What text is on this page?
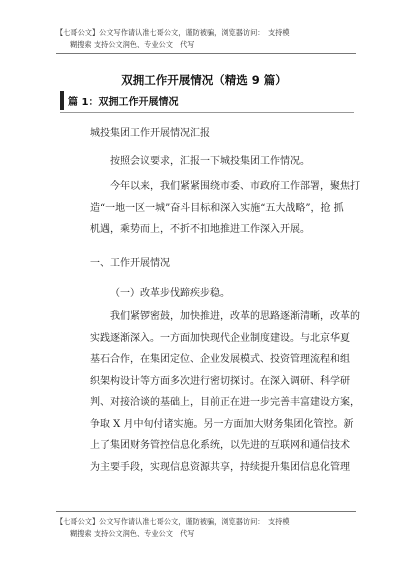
【七哥公文】公文写作请认准七哥公文，谨防被骗，浏览器访问：　支持模
糊搜索 支持公文润色、专业公文　代写
双拥工作开展情况（精选 9 篇）
篇 1：双拥工作开展情况
城投集团工作开展情况汇报
按照会议要求，汇报一下城投集团工作情况。
今年以来，我们紧紧围绕市委、市政府工作部署，聚焦打
造“一地一区一城”奋斗目标和深入实施“五大战略”，抢 抓
机遇，乘势而上，不折不扣地推进工作深入开展。
一、工作开展情况
（一）改革步伐蹄疾步稳。
我们紧锣密鼓，加快推进，改革的思路逐渐清晰，改革的
实践逐渐深入。一方面加快现代企业制度建设。与北京华夏
基石合作，在集团定位、企业发展模式、投资管理流程和组
织架构设计等方面多次进行密切探讨。在深入调研、科学研
判、对接洽谈的基础上，目前正在进一步完善丰富建设方案，
争取 X 月中旬付诸实施。另一方面加大财务集团化管控。新
上了集团财务管控信息化系统，以先进的互联网和通信技术
为主要手段，实现信息资源共享，持续提升集团信息化管理
【七哥公文】公文写作请认准七哥公文，谨防被骗，浏览器访问：　支持模
糊搜索 支持公文润色、专业公文　代写
